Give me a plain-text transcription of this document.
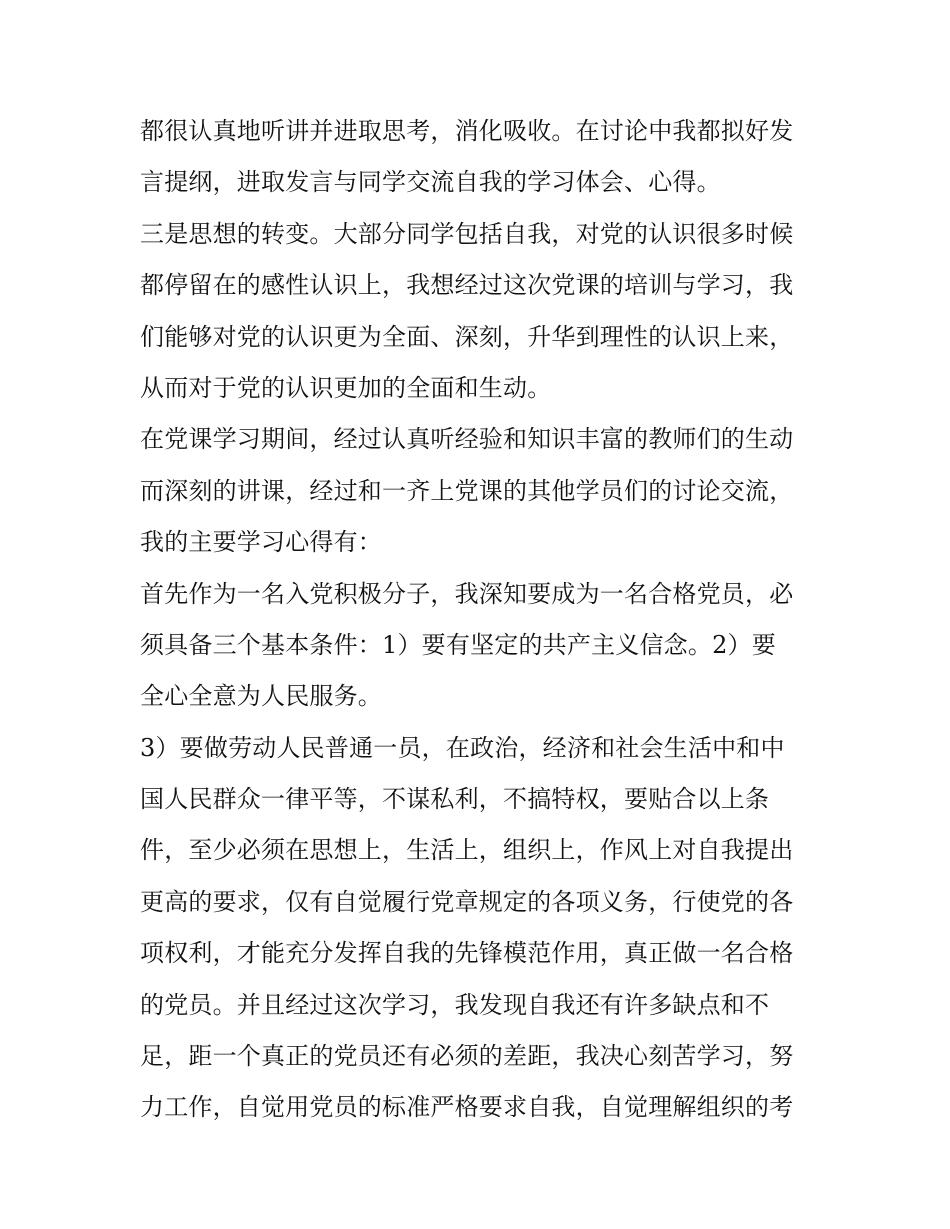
都很认真地听讲并进取思考，消化吸收。在讨论中我都拟好发
言提纲，进取发言与同学交流自我的学习体会、心得。
三是思想的转变。大部分同学包括自我，对党的认识很多时候
都停留在的感性认识上，我想经过这次党课的培训与学习，我
们能够对党的认识更为全面、深刻，升华到理性的认识上来，
从而对于党的认识更加的全面和生动。
在党课学习期间，经过认真听经验和知识丰富的教师们的生动
而深刻的讲课，经过和一齐上党课的其他学员们的讨论交流，
我的主要学习心得有：
首先作为一名入党积极分子，我深知要成为一名合格党员，必
须具备三个基本条件：1）要有坚定的共产主义信念。2）要
全心全意为人民服务。
3）要做劳动人民普通一员，在政治，经济和社会生活中和中
国人民群众一律平等，不谋私利，不搞特权，要贴合以上条
件，至少必须在思想上，生活上，组织上，作风上对自我提出
更高的要求，仅有自觉履行党章规定的各项义务，行使党的各
项权利，才能充分发挥自我的先锋模范作用，真正做一名合格
的党员。并且经过这次学习，我发现自我还有许多缺点和不
足，距一个真正的党员还有必须的差距，我决心刻苦学习，努
力工作，自觉用党员的标准严格要求自我，自觉理解组织的考
